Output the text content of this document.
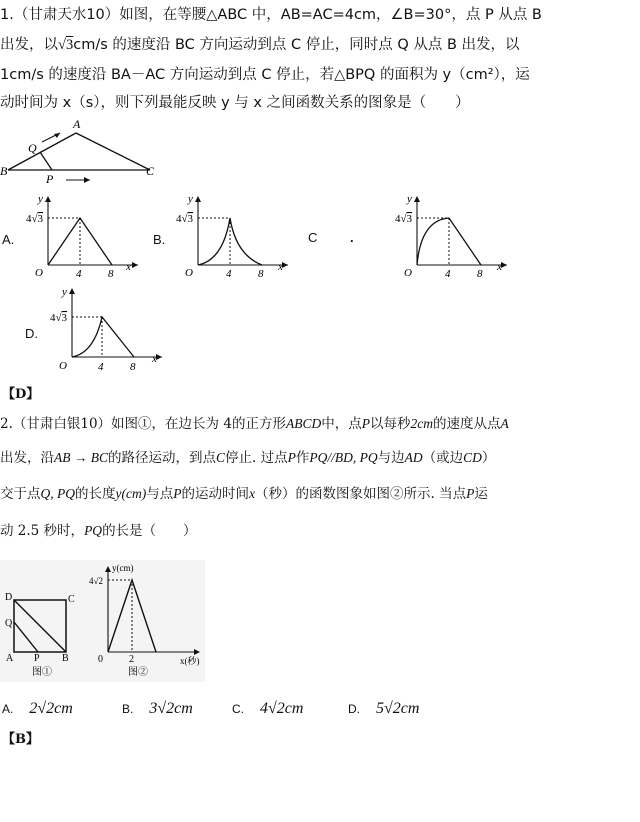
1.（甘肃天水10）如图，在等腰△ABC 中，AB=AC=4cm，∠B=30°，点 P 从点 B
出发，以√3cm/s 的速度沿 BC 方向运动到点 C 停止，同时点 Q 从点 B 出发，以
1cm/s 的速度沿 BA－AC 方向运动到点 C 停止，若△BPQ 的面积为 y（cm²），运
动时间为 x（s），则下列最能反映 y 与 x 之间函数关系的图象是（　　）
A
Q
B	C
P
A.
y
4√3
O	4 8
x
B.
y
4√3
O	4 8
x
C	.
y
4√3
O	4 8
x
D.
y
4√3
O	4 8
x
【D】
2.（甘肃白银10）如图①，在边长为 4的正方形ABCD中，点P以每秒2cm的速度从点A
出发，沿AB → BC的路径运动，到点C停止. 过点P作PQ//BD, PQ与边AD（或边CD）
交于点Q, PQ的长度y(cm)与点P的运动时间x（秒）的函数图象如图②所示. 当点P运
动 2.5 秒时，PQ的长是（　　）
D	C
Q
A P B
图①
y(cm)
4√2
0	2	x(秒)
图②
A. 2√2cm	B. 3√2cm	C. 4√2cm	D. 5√2cm
【B】
